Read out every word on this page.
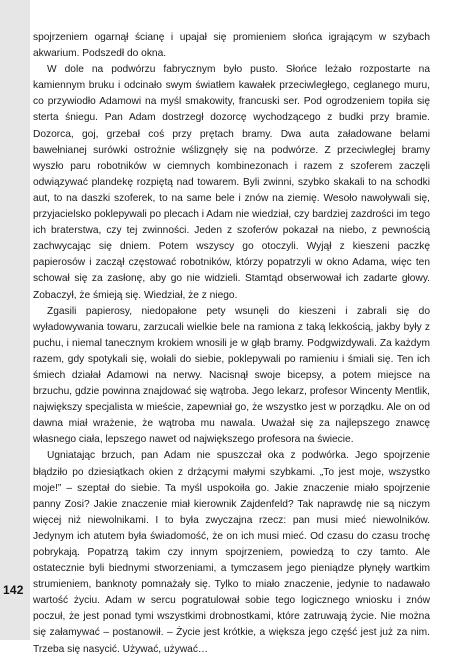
142

spojrzeniem ogarnął ścianę i upajał się promieniem słońca igrającym w szybach akwarium. Podszedł do okna.

W dole na podwórzu fabrycznym było pusto. Słońce leżało rozpostarte na kamiennym bruku i odcinało swym światłem kawałek przeciwległego, ceglanego muru, co przywiodło Adamowi na myśl smakowity, francuski ser. Pod ogrodzeniem topiła się sterta śniegu. Pan Adam dostrzegł dozorcę wychodzącego z budki przy bramie. Dozorca, goj, grzebał coś przy prętach bramy. Dwa auta załadowane belami bawełnianej surówki ostrożnie wślizgnęły się na podwórze. Z przeciwległej bramy wyszło paru robotników w ciemnych kombinezonach i razem z szoferem zaczęli odwiązywać plandekę rozpiętą nad towarem. Byli zwinni, szybko skakali to na schodki aut, to na daszki szoferek, to na same bele i znów na ziemię. Wesoło nawoływali się, przyjacielsko poklepywali po plecach i Adam nie wiedział, czy bardziej zazdrości im tego ich braterstwa, czy tej zwinności. Jeden z szoferów pokazał na niebo, z pewnością zachwycając się dniem. Potem wszyscy go otoczyli. Wyjął z kieszeni paczkę papierosów i zaczął częstować robotników, którzy popatrzyli w okno Adama, więc ten schował się za zasłonę, aby go nie widzieli. Stamtąd obserwował ich zadarte głowy. Zobaczył, że śmieją się. Wiedział, że z niego.

Zgasili papierosy, niedopałone pety wsunęli do kieszeni i zabrali się do wyładowywania towaru, zarzucali wielkie bele na ramiona z taką lekkością, jakby były z puchu, i niemal tanecznym krokiem wnosili je w głąb bramy. Podgwizdywali. Za każdym razem, gdy spotykali się, wołali do siebie, poklepywali po ramieniu i śmiali się. Ten ich śmiech działał Adamowi na nerwy. Nacisnął swoje bicepsy, a potem miejsce na brzuchu, gdzie powinna znajdować się wątroba. Jego lekarz, profesor Wincenty Mentlik, największy specjalista w mieście, zapewniał go, że wszystko jest w porządku. Ale on od dawna miał wrażenie, że wątroba mu nawala. Uważał się za najlepszego znawcę własnego ciała, lepszego nawet od największego profesora na świecie.

Ugniatając brzuch, pan Adam nie spuszczał oka z podwórka. Jego spojrzenie błądziło po dziesiątkach okien z drżącymi małymi szybkami. „To jest moje, wszystko moje!” – szeptał do siebie. Ta myśl uspokoiła go. Jakie znaczenie miało spojrzenie panny Zosi? Jakie znaczenie miał kierownik Zajdenfeld? Tak naprawdę nie są niczym więcej niż niewolnikami. I to była zwyczajna rzecz: pan musi mieć niewolników. Jedynym ich atutem była świadomość, że on ich musi mieć. Od czasu do czasu trochę pobrykają. Popatrzą takim czy innym spojrzeniem, powiedzą to czy tamto. Ale ostatecznie byli biednymi stworzeniami, a tymczasem jego pieniądze płynęły wartkim strumieniem, banknoty pomnażały się. Tylko to miało znaczenie, jedynie to nadawało wartość życiu. Adam w sercu pogratulował sobie tego logicznego wniosku i znów poczuł, że jest ponad tymi wszystkimi drobnostkami, które zatruwają życie. Nie można się załamywać – postanowił. – Życie jest krótkie, a większa jego część jest już za nim. Trzeba się nasycić. Używać, używać…
